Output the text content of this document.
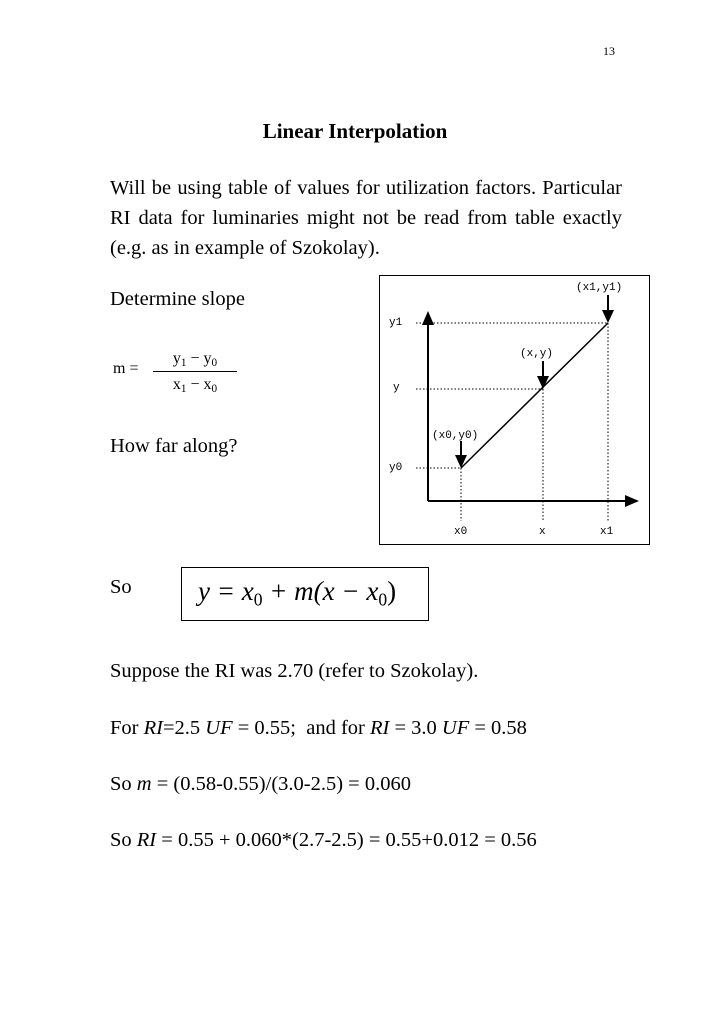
13
Linear Interpolation
Will be using table of values for utilization factors. Particular RI data for luminaries might not be read from table exactly (e.g. as in example of Szokolay).
Determine slope
m =
$y_1 - y_0$
$x_1 - x_0$
How far along?
y1
y
y0
x0	x	x1
(x1,y1)
(x,y)
(x0,y0)
So $y = x_0 + m(x - x_0)$
Suppose the RI was 2.70 (refer to Szokolay).
For RI=2.5 UF = 0.55;  and for RI = 3.0 UF = 0.58
So m = (0.58-0.55)/(3.0-2.5) = 0.060
So RI = 0.55 + 0.060*(2.7-2.5) = 0.55+0.012 = 0.56
